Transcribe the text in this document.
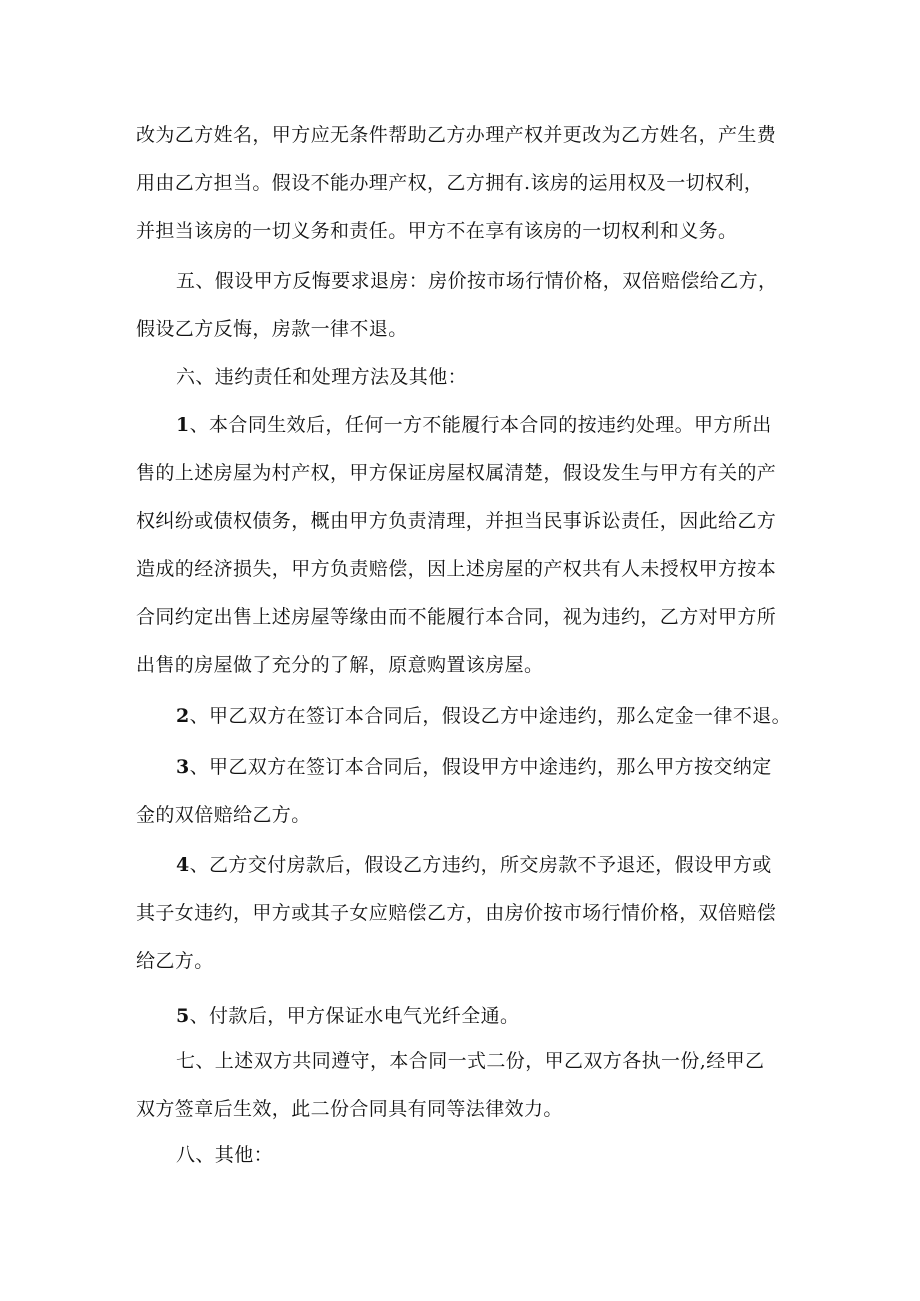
改为乙方姓名，甲方应无条件帮助乙方办理产权并更改为乙方姓名，产生费
用由乙方担当。假设不能办理产权，乙方拥有.该房的运用权及一切权利，
并担当该房的一切义务和责任。甲方不在享有该房的一切权利和义务。

五、假设甲方反悔要求退房：房价按市场行情价格，双倍赔偿给乙方，
假设乙方反悔，房款一律不退。

六、违约责任和处理方法及其他：

1、本合同生效后，任何一方不能履行本合同的按违约处理。甲方所出
售的上述房屋为村产权，甲方保证房屋权属清楚，假设发生与甲方有关的产
权纠纷或债权债务，概由甲方负责清理，并担当民事诉讼责任，因此给乙方
造成的经济损失，甲方负责赔偿，因上述房屋的产权共有人未授权甲方按本
合同约定出售上述房屋等缘由而不能履行本合同，视为违约，乙方对甲方所
出售的房屋做了充分的了解，原意购置该房屋。

2、甲乙双方在签订本合同后，假设乙方中途违约，那么定金一律不退。

3、甲乙双方在签订本合同后，假设甲方中途违约，那么甲方按交纳定
金的双倍赔给乙方。

4、乙方交付房款后，假设乙方违约，所交房款不予退还，假设甲方或
其子女违约，甲方或其子女应赔偿乙方，由房价按市场行情价格，双倍赔偿
给乙方。

5、付款后，甲方保证水电气光纤全通。

七、上述双方共同遵守，本合同一式二份，甲乙双方各执一份,经甲乙
双方签章后生效，此二份合同具有同等法律效力。

八、其他：
